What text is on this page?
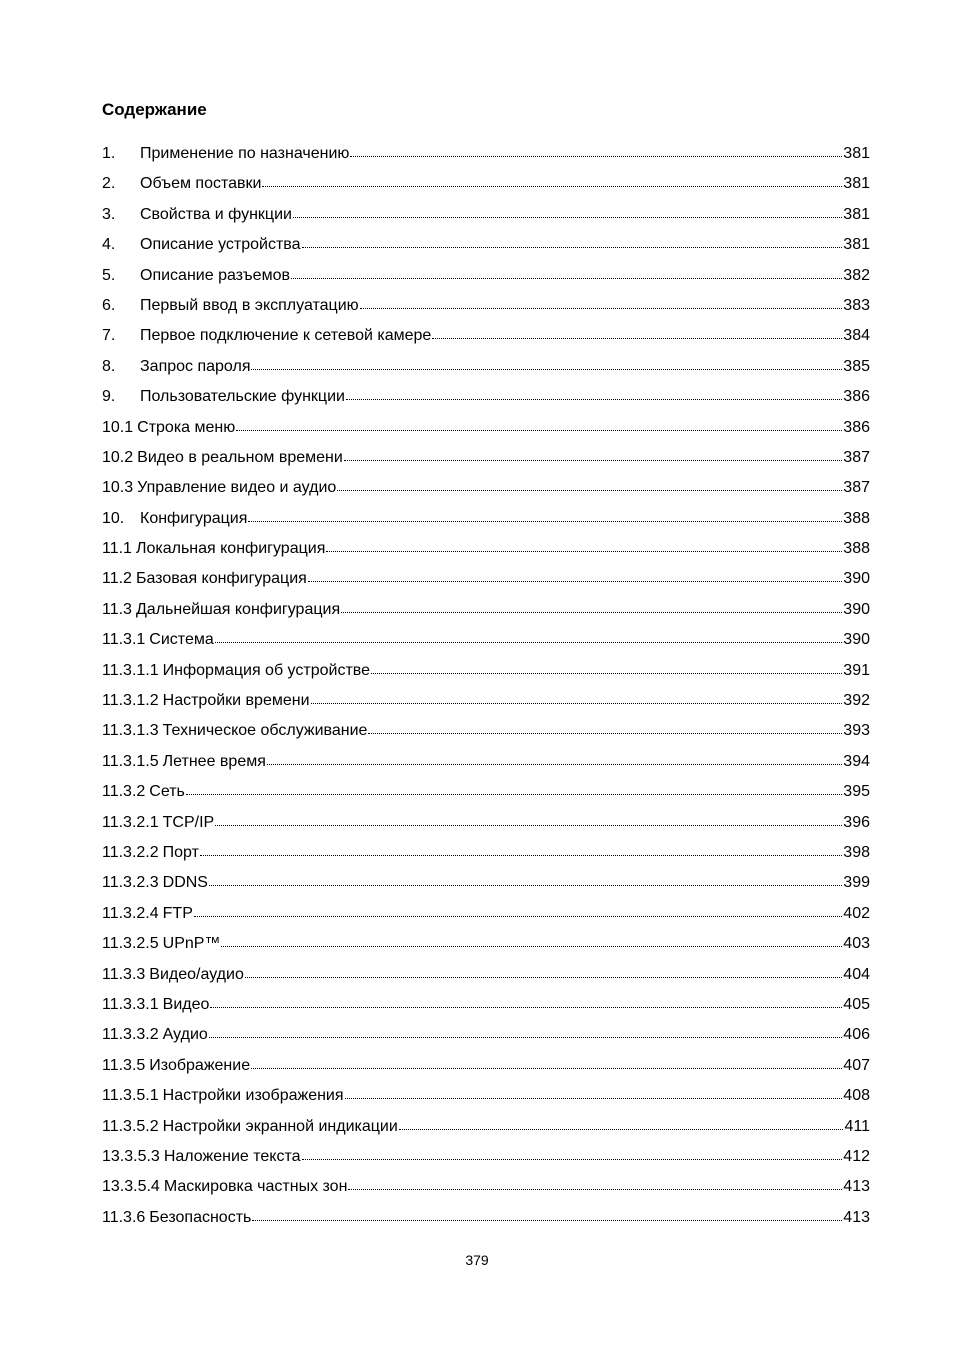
Содержание
1.	Применение по назначению	381
2.	Объем поставки	381
3.	Свойства и функции	381
4.	Описание устройства	381
5.	Описание разъемов	382
6.	Первый ввод в эксплуатацию	383
7.	Первое подключение к сетевой камере	384
8.	Запрос пароля	385
9.	Пользовательские функции	386
10.1 Строка меню	386
10.2 Видео в реальном времени	387
10.3 Управление видео и аудио	387
10. Конфигурация	388
11.1 Локальная конфигурация	388
11.2 Базовая конфигурация	390
11.3 Дальнейшая конфигурация	390
11.3.1 Система	390
11.3.1.1 Информация об устройстве	391
11.3.1.2 Настройки времени	392
11.3.1.3 Техническое обслуживание	393
11.3.1.5 Летнее время	394
11.3.2 Сеть	395
11.3.2.1 TCP/IP	396
11.3.2.2 Порт	398
11.3.2.3 DDNS	399
11.3.2.4 FTP	402
11.3.2.5 UPnP™	403
11.3.3 Видео/аудио	404
11.3.3.1 Видео	405
11.3.3.2 Аудио	406
11.3.5 Изображение	407
11.3.5.1 Настройки изображения	408
11.3.5.2 Настройки экранной индикации	411
13.3.5.3 Наложение текста	412
13.3.5.4 Маскировка частных зон	413
11.3.6 Безопасность	413
379
